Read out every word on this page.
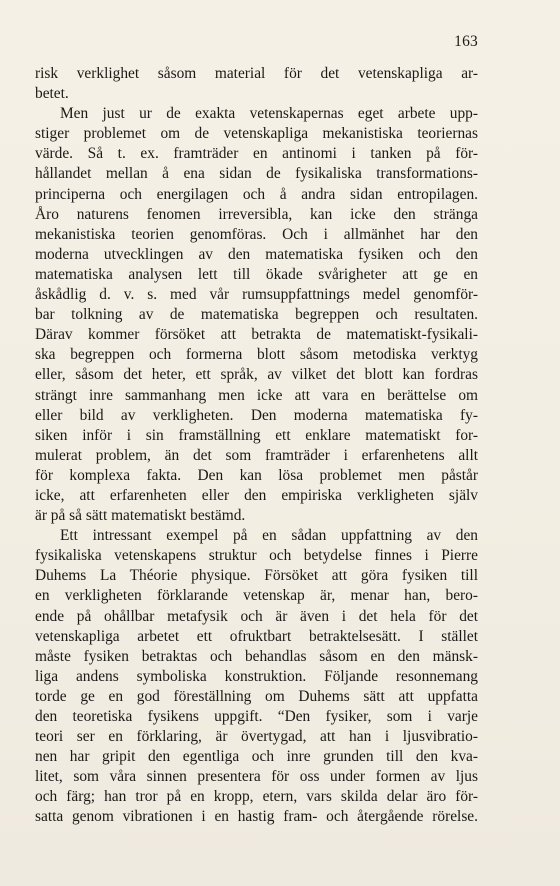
163
risk verklighet såsom material för det vetenskapliga ar-
betet.
Men just ur de exakta vetenskapernas eget arbete upp-
stiger problemet om de vetenskapliga mekanistiska teoriernas
värde. Så t. ex. framträder en antinomi i tanken på för-
hållandet mellan å ena sidan de fysikaliska transformations-
principerna och energilagen och å andra sidan entropilagen.
Åro naturens fenomen irreversibla, kan icke den stränga
mekanistiska teorien genomföras. Och i allmänhet har den
moderna utvecklingen av den matematiska fysiken och den
matematiska analysen lett till ökade svårigheter att ge en
åskådlig d. v. s. med vår rumsuppfattnings medel genomför-
bar tolkning av de matematiska begreppen och resultaten.
Därav kommer försöket att betrakta de matematiskt-fysikali-
ska begreppen och formerna blott såsom metodiska verktyg
eller, såsom det heter, ett språk, av vilket det blott kan fordras
strängt inre sammanhang men icke att vara en berättelse om
eller bild av verkligheten. Den moderna matematiska fy-
siken inför i sin framställning ett enklare matematiskt for-
mulerat problem, än det som framträder i erfarenhetens allt
för komplexa fakta. Den kan lösa problemet men påstår
icke, att erfarenheten eller den empiriska verkligheten själv
är på så sätt matematiskt bestämd.
Ett intressant exempel på en sådan uppfattning av den
fysikaliska vetenskapens struktur och betydelse finnes i Pierre
Duhems La Théorie physique. Försöket att göra fysiken till
en verkligheten förklarande vetenskap är, menar han, bero-
ende på ohållbar metafysik och är även i det hela för det
vetenskapliga arbetet ett ofruktbart betraktelsesätt. I stället
måste fysiken betraktas och behandlas såsom en den mänsk-
liga andens symboliska konstruktion. Följande resonnemang
torde ge en god föreställning om Duhems sätt att uppfatta
den teoretiska fysikens uppgift. “Den fysiker, som i varje
teori ser en förklaring, är övertygad, att han i ljusvibratio-
nen har gripit den egentliga och inre grunden till den kva-
litet, som våra sinnen presentera för oss under formen av ljus
och färg; han tror på en kropp, etern, vars skilda delar äro för-
satta genom vibrationen i en hastig fram- och återgående rörelse.
